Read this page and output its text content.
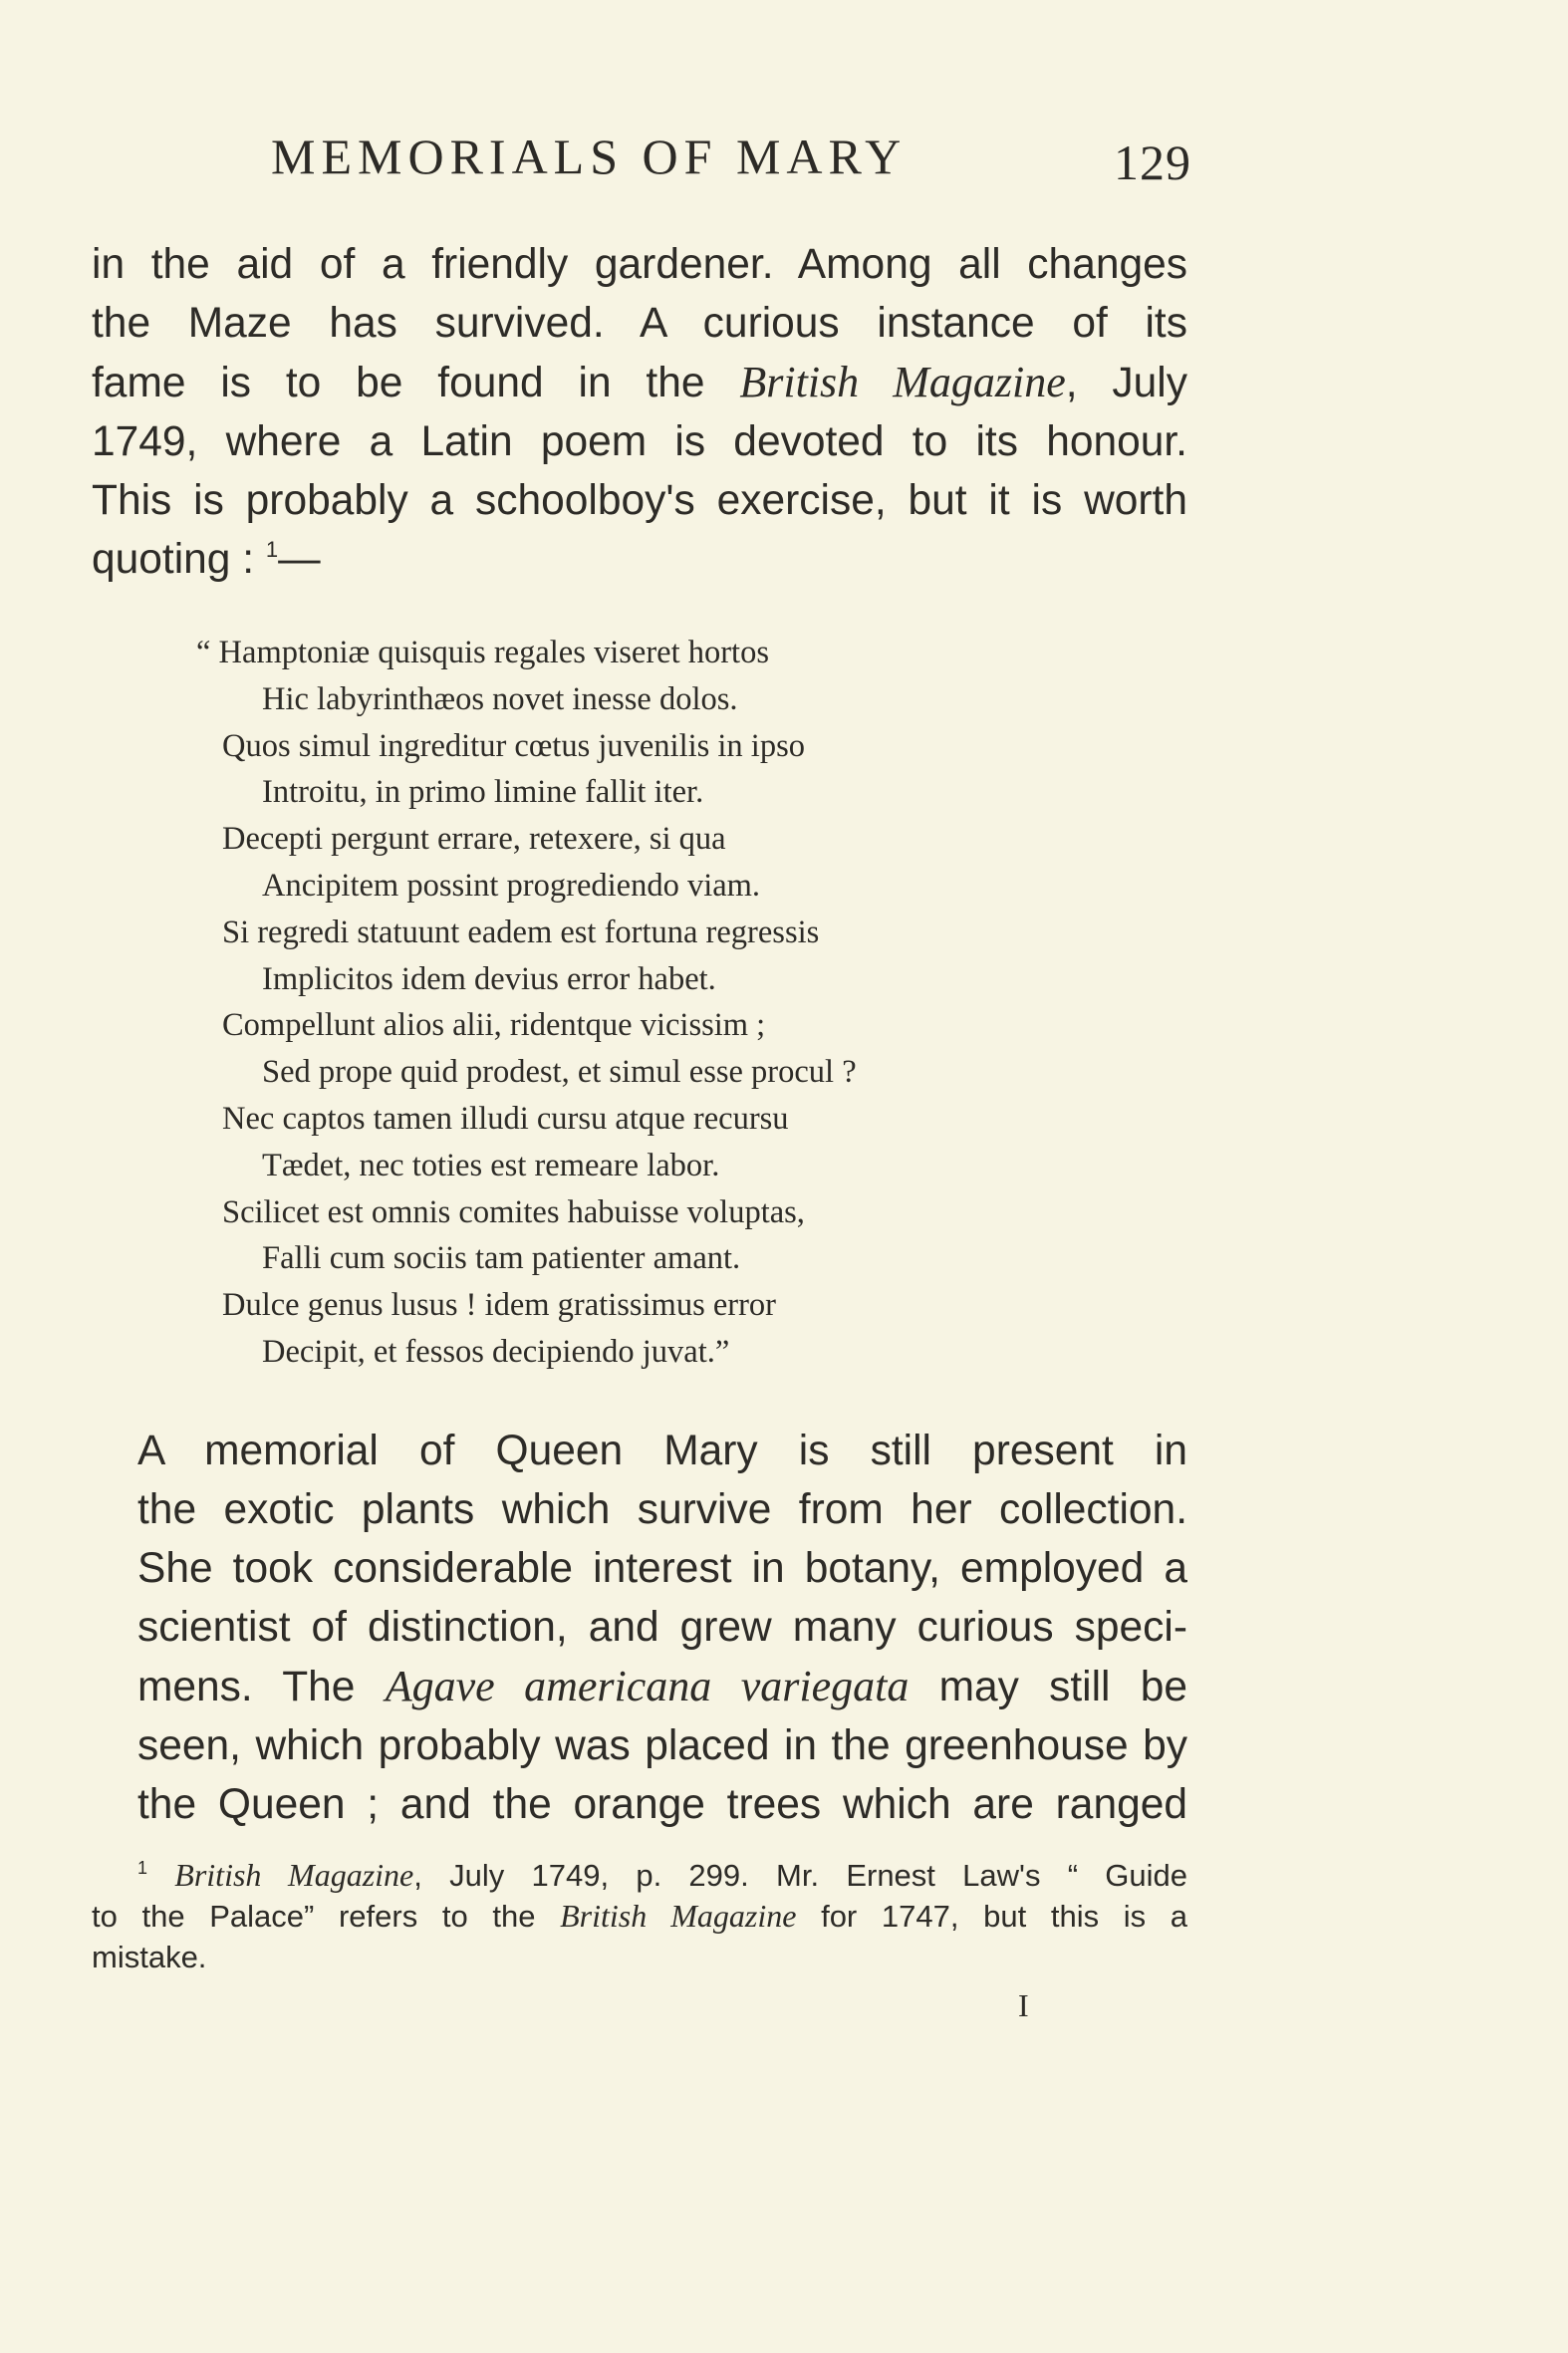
MEMORIALS OF MARY	129
in the aid of a friendly gardener. Among all changes
the Maze has survived. A curious instance of its
fame is to be found in the British Magazine, July
1749, where a Latin poem is devoted to its honour.
This is probably a schoolboy's exercise, but it is worth
quoting : $^1$—
“ Hamptoniæ quisquis regales viseret hortos
Hic labyrinthæos novet inesse dolos.
Quos simul ingreditur cœtus juvenilis in ipso
Introitu, in primo limine fallit iter.
Decepti pergunt errare, retexere, si qua
Ancipitem possint progrediendo viam.
Si regredi statuunt eadem est fortuna regressis
Implicitos idem devius error habet.
Compellunt alios alii, ridentque vicissim ;
Sed prope quid prodest, et simul esse procul ?
Nec captos tamen illudi cursu atque recursu
Tædet, nec toties est remeare labor.
Scilicet est omnis comites habuisse voluptas,
Falli cum sociis tam patienter amant.
Dulce genus lusus ! idem gratissimus error
Decipit, et fessos decipiendo juvat.”
A memorial of Queen Mary is still present in
the exotic plants which survive from her collection.
She took considerable interest in botany, employed a
scientist of distinction, and grew many curious speci-
mens. The Agave americana variegata may still be
seen, which probably was placed in the greenhouse by
the Queen ; and the orange trees which are ranged
$^1$ British Magazine, July 1749, p. 299. Mr. Ernest Law's “ Guide
to the Palace” refers to the British Magazine for 1747, but this is a
mistake.
I
